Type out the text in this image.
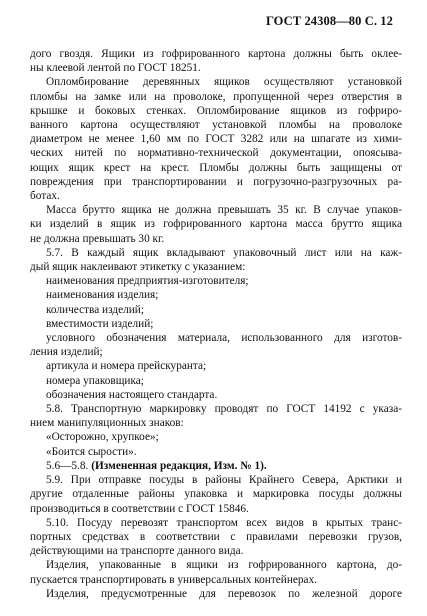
ГОСТ 24308—80 С. 12

дого гвоздя. Ящики из гофрированного картона должны быть оклее-

ны клеевой лентой по ГОСТ 18251.

Опломбирование деревянных ящиков осуществляют установкой

пломбы на замке или на проволоке, пропущенной через отверстия в

крышке и боковых стенках. Опломбирование ящиков из гофриро-

ванного картона осуществляют установкой пломбы на проволоке

диаметром не менее 1,60 мм по ГОСТ 3282 или на шпагате из хими-

ческих нитей по нормативно-технической документации, опоясыва-

ющих ящик крест на крест. Пломбы должны быть защищены от

повреждения при транспортировании и погрузочно-разгрузочных ра-

ботах.

Масса брутто ящика не должна превышать 35 кг. В случае упаков-

ки изделий в ящик из гофрированного картона масса брутто ящика

не должна превышать 30 кг.

5.7. В каждый ящик вкладывают упаковочный лист или на каж-

дый ящик наклеивают этикетку с указанием:

наименования предприятия-изготовителя;

наименования изделия;

количества изделий;

вместимости изделий;

условного обозначения материала, использованного для изготов-

ления изделий;

артикула и номера прейскуранта;

номера упаковщика;

обозначения настоящего стандарта.

5.8. Транспортную маркировку проводят по ГОСТ 14192 с указа-

нием манипуляционных знаков:

«Осторожно, хрупкое»;

«Боится сырости».

5.6—5.8. (Измененная редакция, Изм. № 1).

5.9. При отправке посуды в районы Крайнего Севера, Арктики и

другие отдаленные районы упаковка и маркировка посуды должны

производиться в соответствии с ГОСТ 15846.

5.10. Посуду перевозят транспортом всех видов в крытых транс-

портных средствах в соответствии с правилами перевозки грузов,

действующими на транспорте данного вида.

Изделия, упакованные в ящики из гофрированного картона, до-

пускается транспортировать в универсальных контейнерах.

Изделия, предусмотренные для перевозок по железной дороге
